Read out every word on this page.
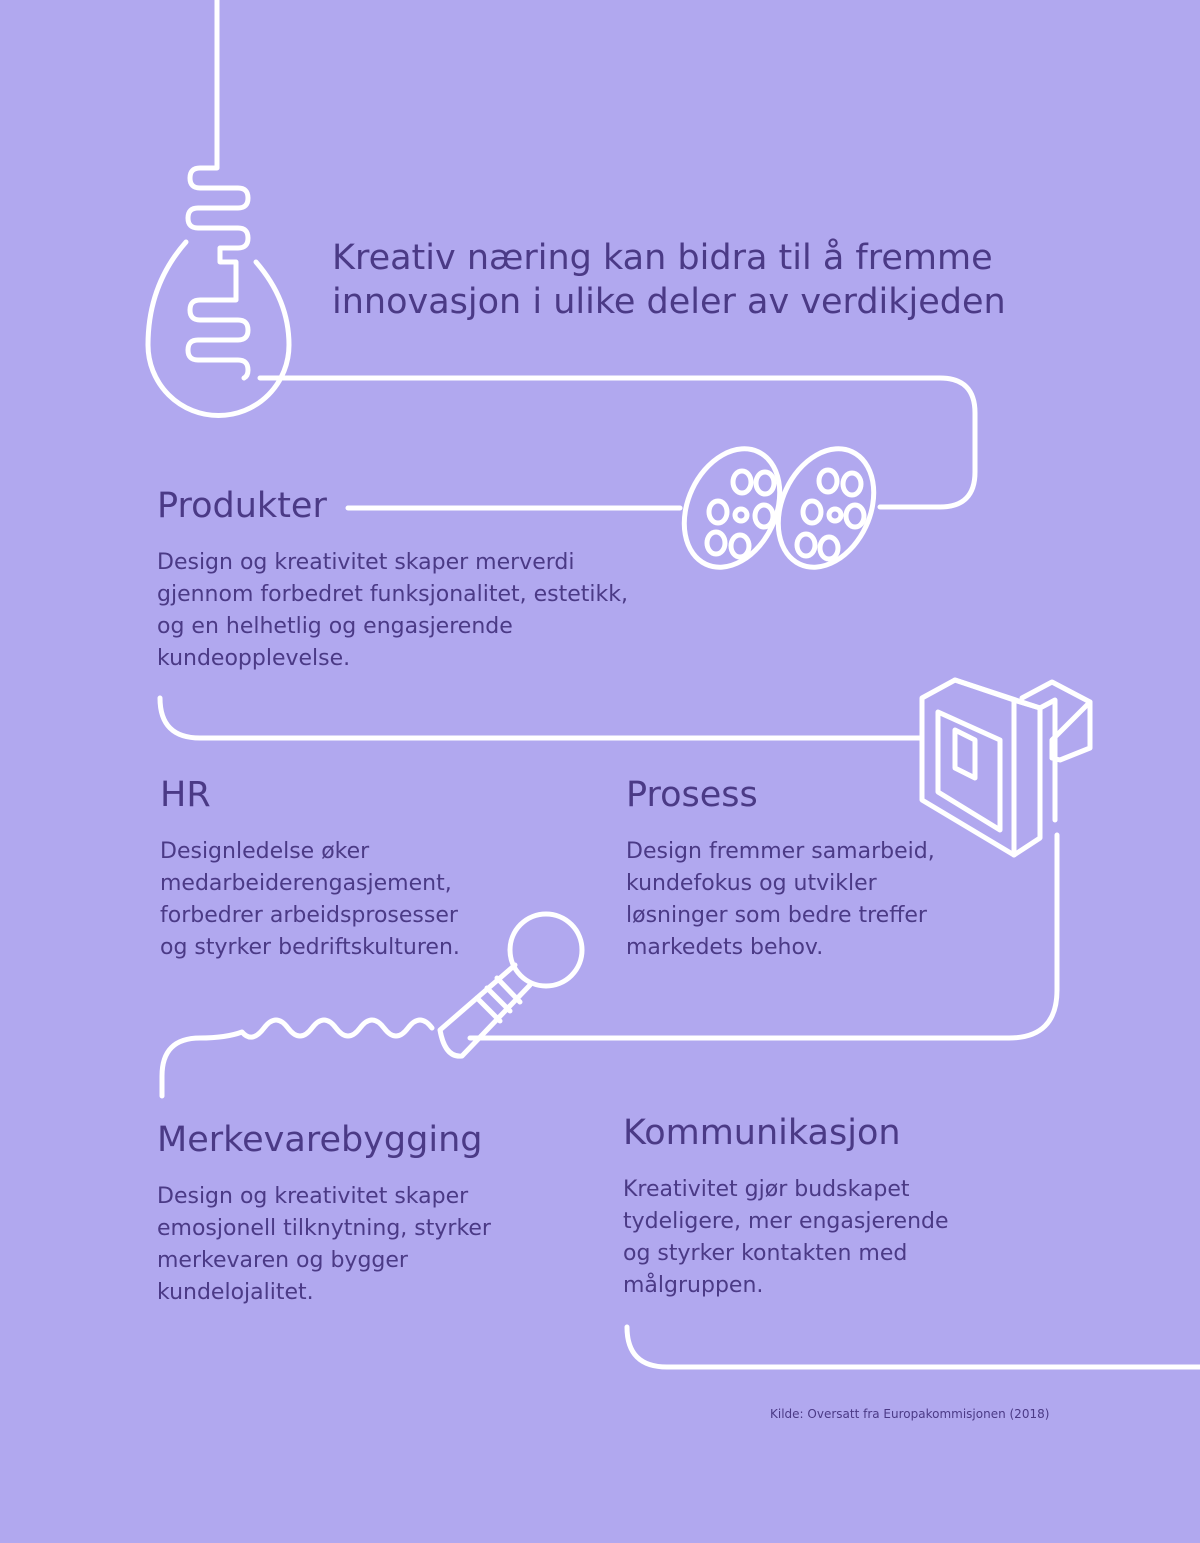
Kreativ næring kan bidra til å fremme
innovasjon i ulike deler av verdikjeden
Produkter

Design og kreativitet skaper merverdi
gjennom forbedret funksjonalitet, estetikk,
og en helhetlig og engasjerende
kundeopplevelse.

HR

Designledelse øker
medarbeiderengasjement,
forbedrer arbeidsprosesser
og styrker bedriftskulturen.

Prosess

Design fremmer samarbeid,
kundefokus og utvikler
løsninger som bedre treffer
markedets behov.

Merkevarebygging

Design og kreativitet skaper
emosjonell tilknytning, styrker
merkevaren og bygger
kundelojalitet.

Kommunikasjon

Kreativitet gjør budskapet
tydeligere, mer engasjerende
og styrker kontakten med
målgruppen.

Kilde: Oversatt fra Europakommisjonen (2018)
